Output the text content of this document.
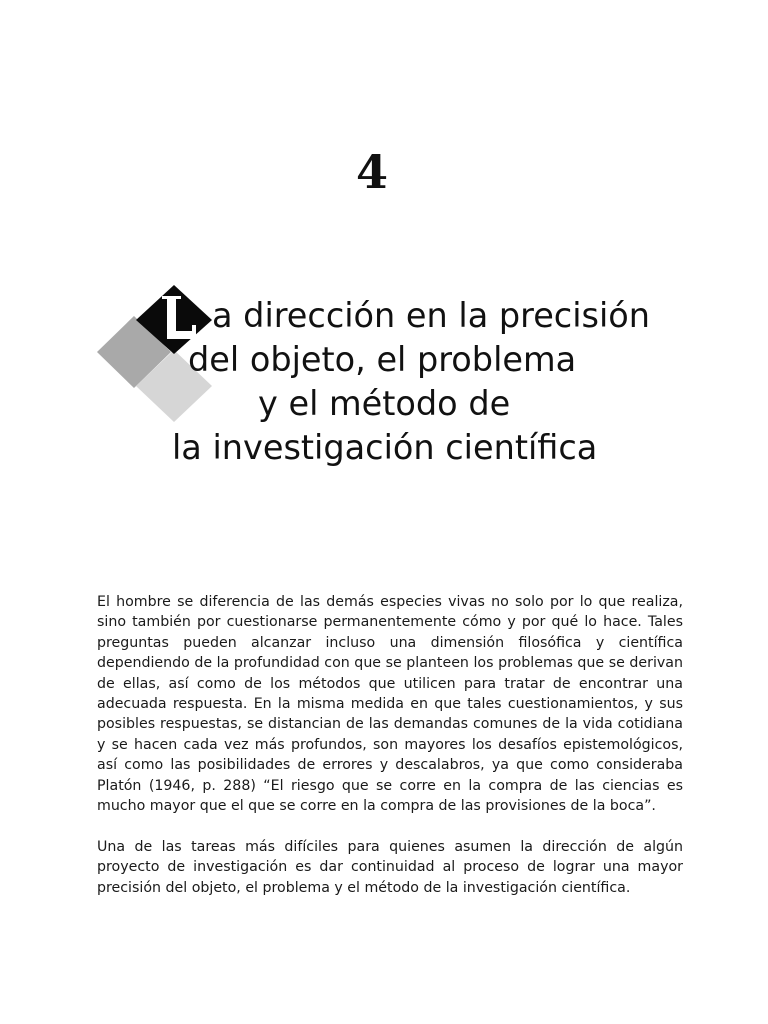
4
a dirección en la precisión
del objeto, el problema
y el método de
la investigación científica

El hombre se diferencia de las demás especies vivas no solo por lo que realiza, sino también por cuestionarse permanentemente cómo y por qué lo hace. Tales preguntas pueden alcanzar incluso una dimensión filosófica y científica dependiendo de la profundidad con que se planteen los problemas que se derivan de ellas, así como de los métodos que utilicen para tratar de encontrar una adecuada respuesta. En la misma medida en que tales cuestionamientos, y sus posibles respuestas, se distancian de las demandas comunes de la vida cotidiana y se hacen cada vez más profundos, son mayores los desafíos epistemológicos, así como las posibilidades de errores y descalabros, ya que como consideraba Platón (1946, p. 288) “El riesgo que se corre en la compra de las ciencias es mucho mayor que el que se corre en la compra de las provisiones de la boca”.

Una de las tareas más difíciles para quienes asumen la dirección de algún proyecto de investigación es dar continuidad al proceso de lograr una mayor precisión del objeto, el problema y el método de la investigación científica.
